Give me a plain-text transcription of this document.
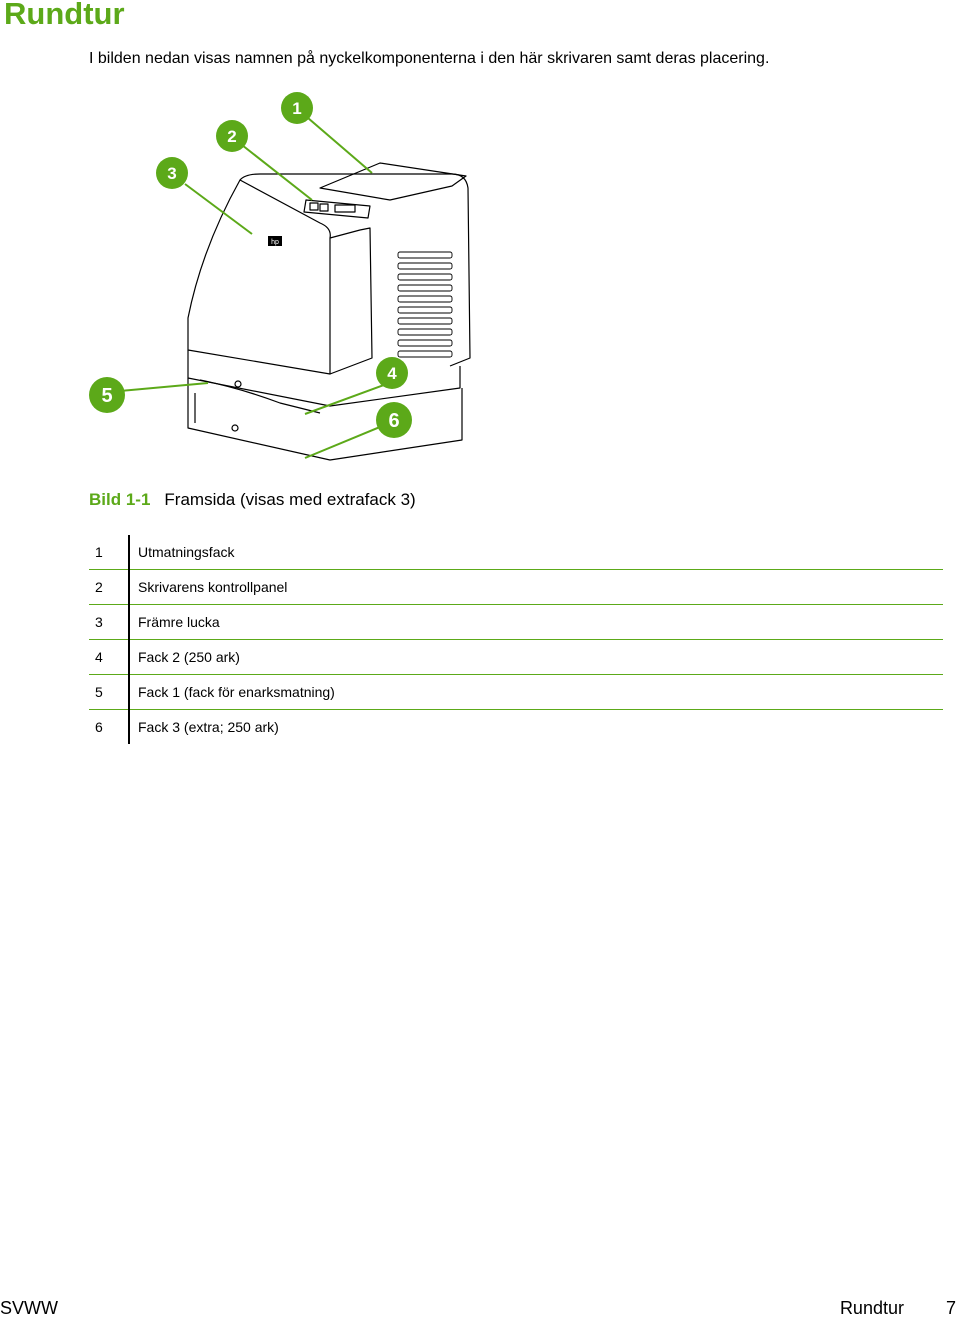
Rundtur

I bilden nedan visas namnen på nyckelkomponenterna i den här skrivaren samt deras placering.

hp
1
2
3
4
5
6
Bild 1-1 Framsida (visas med extrafack 3)
1	Utmatningsfack
2	Skrivarens kontrollpanel
3	Främre lucka
4	Fack 2 (250 ark)
5	Fack 1 (fack för enarksmatning)
6	Fack 3 (extra; 250 ark)
SVWW	Rundtur 7
